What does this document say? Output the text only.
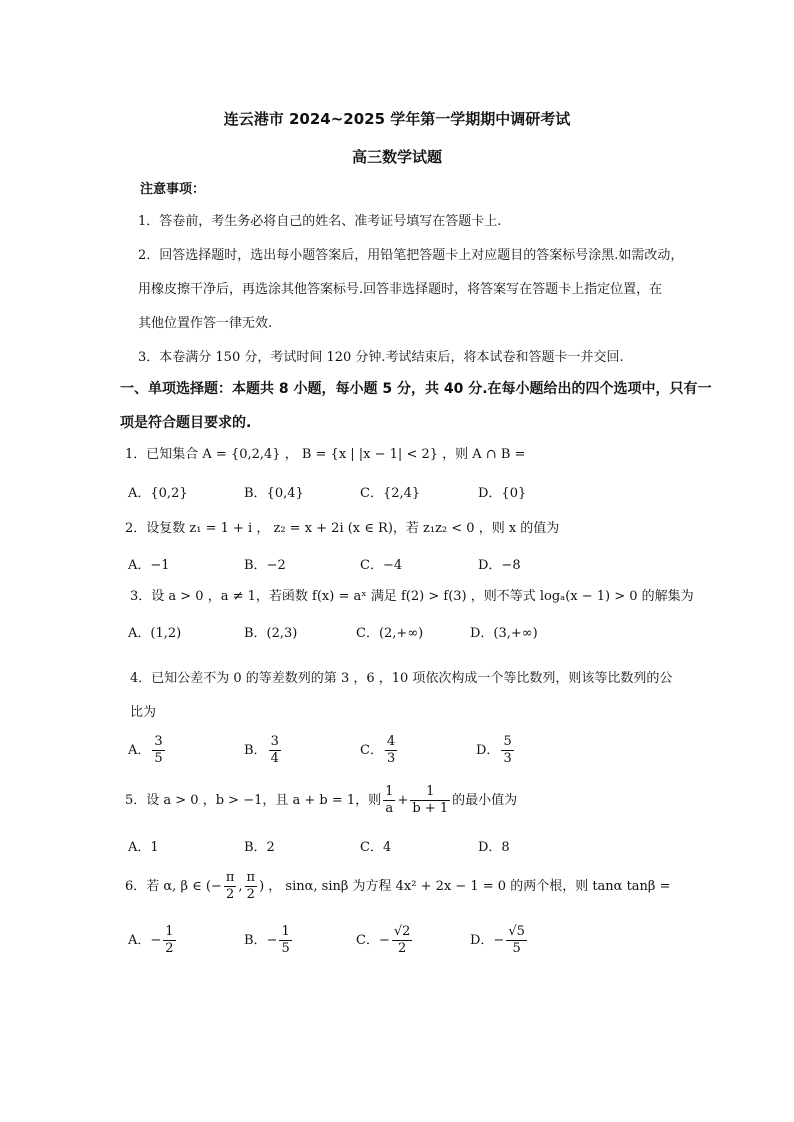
连云港市 2024~2025 学年第一学期期中调研考试
高三数学试题
注意事项：
1．答卷前，考生务必将自己的姓名、准考证号填写在答题卡上.
2．回答选择题时，选出每小题答案后，用铅笔把答题卡上对应题目的答案标号涂黑.如需改动，
用橡皮擦干净后，再选涂其他答案标号.回答非选择题时，将答案写在答题卡上指定位置，在
其他位置作答一律无效.
3．本卷满分 150 分，考试时间 120 分钟.考试结束后，将本试卷和答题卡一并交回.
一、单项选择题：本题共 8 小题，每小题 5 分，共 40 分.在每小题给出的四个选项中，只有一
项是符合题目要求的.
1．已知集合 A = {0,2,4} ， B = {x | |x − 1| < 2} ，则 A ∩ B =
A．{0,2}	B．{0,4}	C．{2,4}	D．{0}
2．设复数 z₁ = 1 + i ， z₂ = x + 2i (x ∈ R)，若 z₁z₂ < 0 ，则 x 的值为
A．−1	B．−2	C．−4	D．−8
3．设 a > 0 ，a ≠ 1，若函数 f(x) = aˣ 满足 f(2) > f(3) ，则不等式 logₐ(x − 1) > 0 的解集为
A．(1,2)	B．(2,3)	C．(2,+∞)	D．(3,+∞)
4．已知公差不为 0 的等差数列的第 3 ，6 ，10 项依次构成一个等比数列，则该等比数列的公
比为
A． $\frac{3}{5}$	B． $\frac{3}{4}$	C． $\frac{4}{3}$	D． $\frac{5}{3}$
5．设 a > 0 ，b > −1，且 a + b = 1，则 $\frac{1}{a} + \frac{1}{b + 1}$ 的最小值为
A．1	B．2	C．4	D．8
6．若 α, β ∈ (− $\frac{\pi}{2}$ , $\frac{\pi}{2}$ ) ， sinα, sinβ 为方程 4x² + 2x − 1 = 0 的两个根，则 tanα tanβ =
A．− $\frac{1}{2}$	B．− $\frac{1}{5}$	C．− $\frac{√2}{2}$	D．− $\frac{√5}{5}$
